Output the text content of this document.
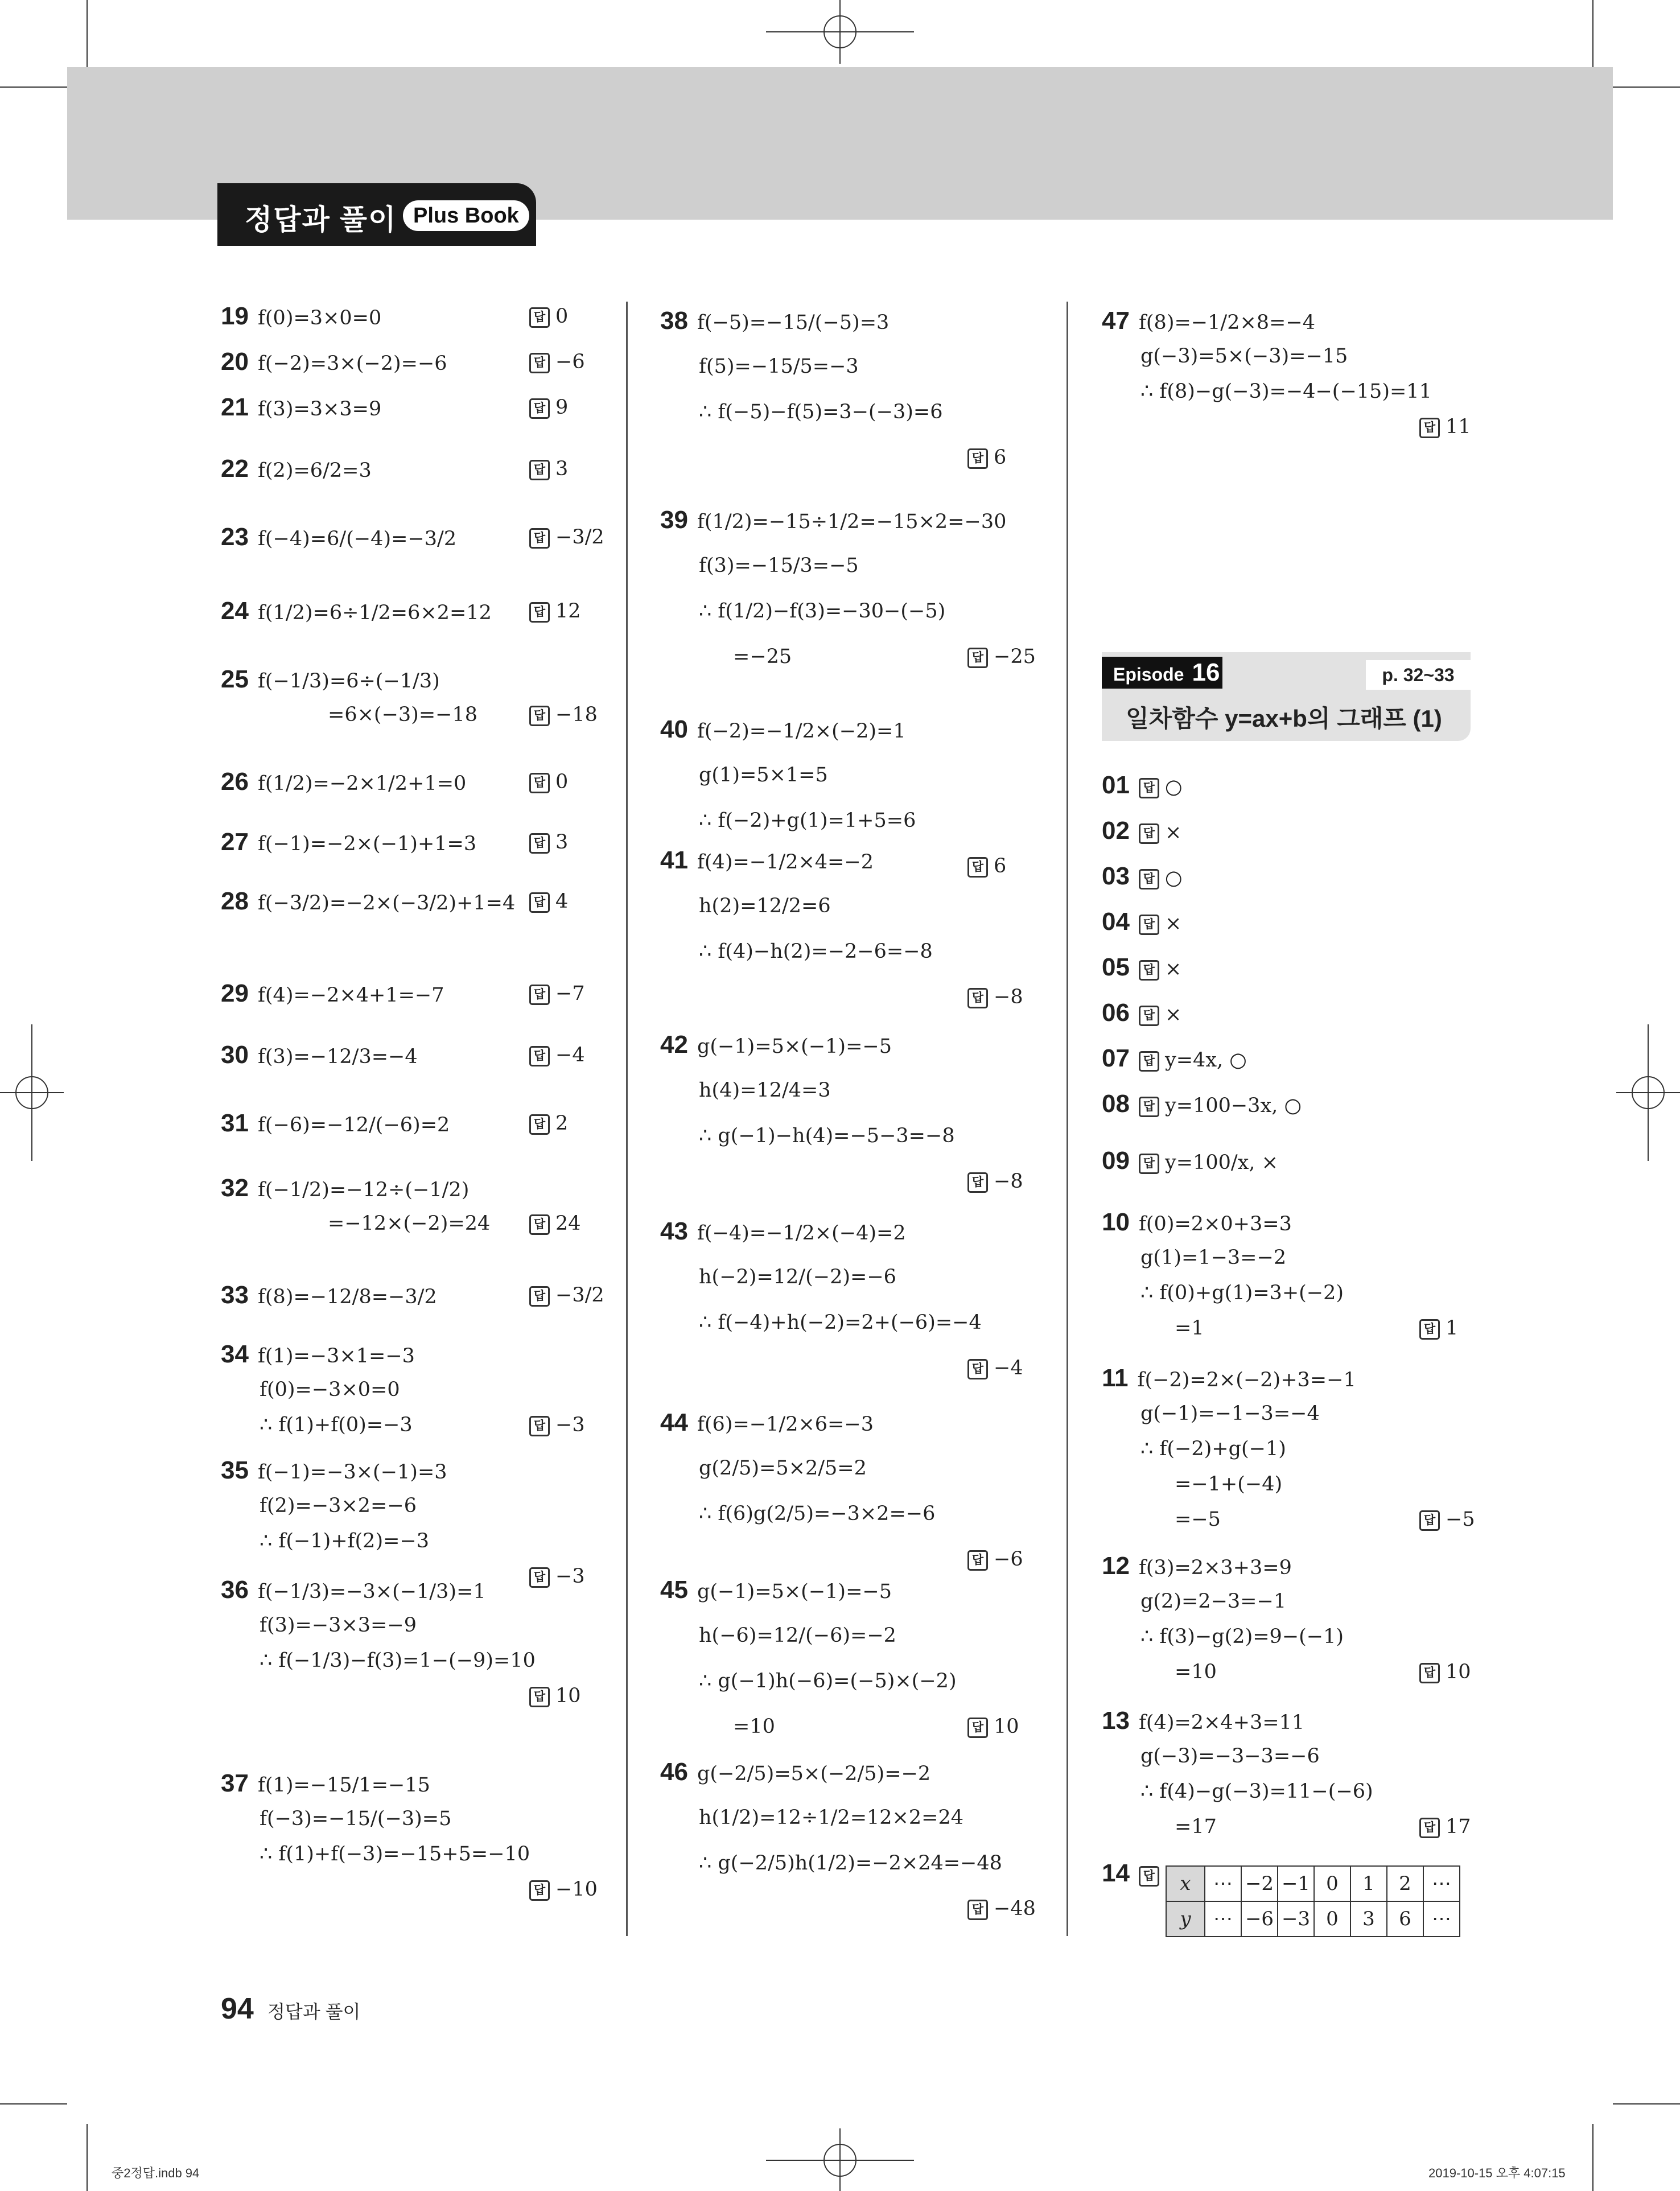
정답과 풀이 Plus Book
19 f(0)=3×0=0	답 0
20 f(−2)=3×(−2)=−6	답 −6
21 f(3)=3×3=9	답 9
22 f(2)=6/2=3	답 3
23 f(−4)=6/(−4)=−3/2	답 −3/2
24 f(1/2)=6÷1/2=6×2=12	답 12
25 f(−1/3)=6÷(−1/3)
=6×(−3)=−18	답 −18
26 f(1/2)=−2×1/2+1=0	답 0
27 f(−1)=−2×(−1)+1=3	답 3
28 f(−3/2)=−2×(−3/2)+1=4	답 4
29 f(4)=−2×4+1=−7	답 −7
30 f(3)=−12/3=−4	답 −4
31 f(−6)=−12/(−6)=2	답 2
32 f(−1/2)=−12÷(−1/2)
=−12×(−2)=24	답 24
33 f(8)=−12/8=−3/2	답 −3/2
34 f(1)=−3×1=−3
f(0)=−3×0=0
∴ f(1)+f(0)=−3	답 −3
35 f(−1)=−3×(−1)=3
f(2)=−3×2=−6
∴ f(−1)+f(2)=−3
답 −3
36 f(−1/3)=−3×(−1/3)=1
f(3)=−3×3=−9
∴ f(−1/3)−f(3)=1−(−9)=10
답 10
37 f(1)=−15/1=−15
f(−3)=−15/(−3)=5
∴ f(1)+f(−3)=−15+5=−10
답 −10
38 f(−5)=−15/(−5)=3
f(5)=−15/5=−3
∴ f(−5)−f(5)=3−(−3)=6
답 6
39 f(1/2)=−15÷1/2=−15×2=−30
f(3)=−15/3=−5
∴ f(1/2)−f(3)=−30−(−5)
=−25	답 −25
40 f(−2)=−1/2×(−2)=1
g(1)=5×1=5
∴ f(−2)+g(1)=1+5=6
답 6
41 f(4)=−1/2×4=−2
h(2)=12/2=6
∴ f(4)−h(2)=−2−6=−8
답 −8
42 g(−1)=5×(−1)=−5
h(4)=12/4=3
∴ g(−1)−h(4)=−5−3=−8
답 −8
43 f(−4)=−1/2×(−4)=2
h(−2)=12/(−2)=−6
∴ f(−4)+h(−2)=2+(−6)=−4
답 −4
44 f(6)=−1/2×6=−3
g(2/5)=5×2/5=2
∴ f(6)g(2/5)=−3×2=−6
답 −6
45 g(−1)=5×(−1)=−5
h(−6)=12/(−6)=−2
∴ g(−1)h(−6)=(−5)×(−2)
=10	답 10
46 g(−2/5)=5×(−2/5)=−2
h(1/2)=12÷1/2=12×2=24
∴ g(−2/5)h(1/2)=−2×24=−48
답 −48
01 답 ○
02 답 ×
03 답 ○
04 답 ×
05 답 ×
06 답 ×
07 답 y=4x, ○
08 답 y=100−3x, ○
09 답 y=100/x, ×
10 f(0)=2×0+3=3
g(1)=1−3=−2
∴ f(0)+g(1)=3+(−2)
=1	답 1
11 f(−2)=2×(−2)+3=−1
g(−1)=−1−3=−4
∴ f(−2)+g(−1)
=−1+(−4)
=−5	답 −5
12 f(3)=2×3+3=9
g(2)=2−3=−1
∴ f(3)−g(2)=9−(−1)
=10	답 10
13 f(4)=2×4+3=11
g(−3)=−3−3=−6
∴ f(4)−g(−3)=11−(−6)
=17	답 17
47 f(8)=−1/2×8=−4
g(−3)=5×(−3)=−15
∴ f(8)−g(−3)=−4−(−15)=11
답 11
Episode 16	p. 32~33
일차함수 y=ax+b의 그래프 (1)
14 답	x	⋯	−2	−1	0	1	2	⋯
y	⋯	−6	−3	0	3	6	⋯
94 정답과 풀이
중2정답.indb 94	2019-10-15 오후 4:07:15
